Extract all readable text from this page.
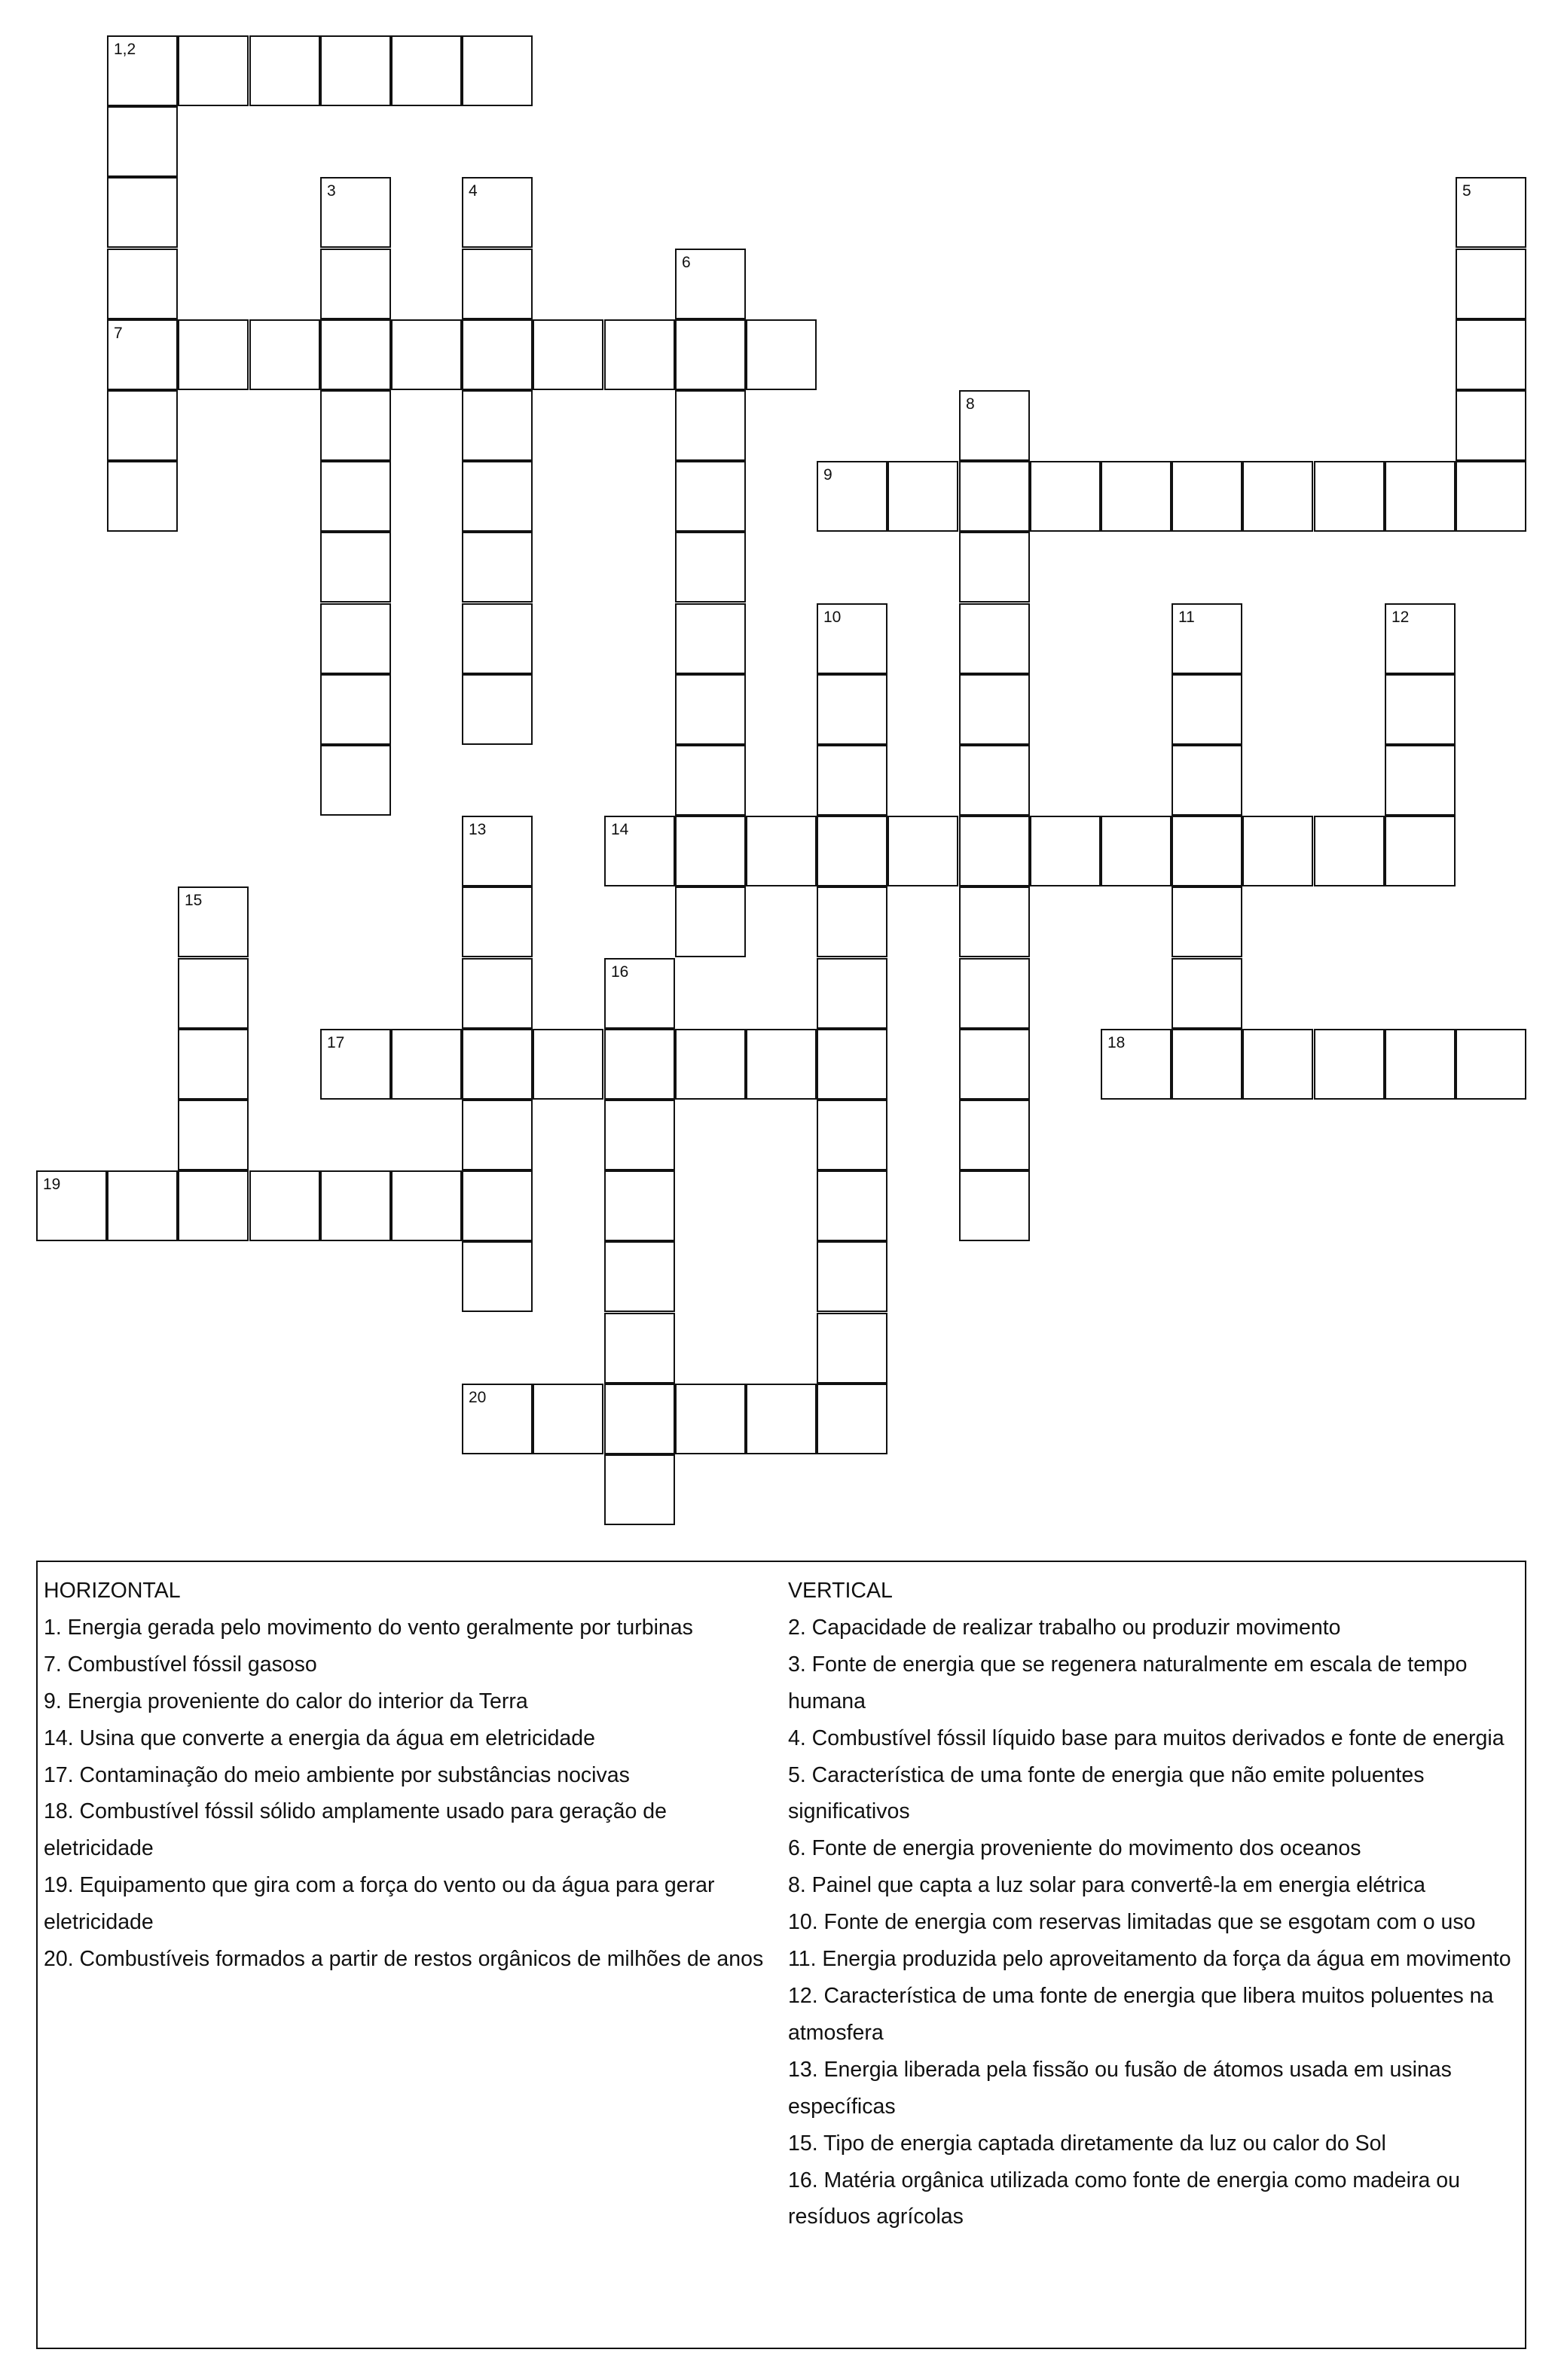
1,2
7
9
14
17	18
19
20
3	4	5
6
8
10	11	12
13
15
16
HORIZONTAL
1. Energia gerada pelo movimento do vento geralmente por turbinas
7. Combustível fóssil gasoso
9. Energia proveniente do calor do interior da Terra
14. Usina que converte a energia da água em eletricidade
17. Contaminação do meio ambiente por substâncias nocivas
18. Combustível fóssil sólido amplamente usado para geração de eletricidade
19. Equipamento que gira com a força do vento ou da água para gerar eletricidade
20. Combustíveis formados a partir de restos orgânicos de milhões de anos
VERTICAL
2. Capacidade de realizar trabalho ou produzir movimento
3. Fonte de energia que se regenera naturalmente em escala de tempo humana
4. Combustível fóssil líquido base para muitos derivados e fonte de energia
5. Característica de uma fonte de energia que não emite poluentes significativos
6. Fonte de energia proveniente do movimento dos oceanos
8. Painel que capta a luz solar para convertê-la em energia elétrica
10. Fonte de energia com reservas limitadas que se esgotam com o uso
11. Energia produzida pelo aproveitamento da força da água em movimento
12. Característica de uma fonte de energia que libera muitos poluentes na atmosfera
13. Energia liberada pela fissão ou fusão de átomos usada em usinas específicas
15. Tipo de energia captada diretamente da luz ou calor do Sol
16. Matéria orgânica utilizada como fonte de energia como madeira ou resíduos agrícolas
